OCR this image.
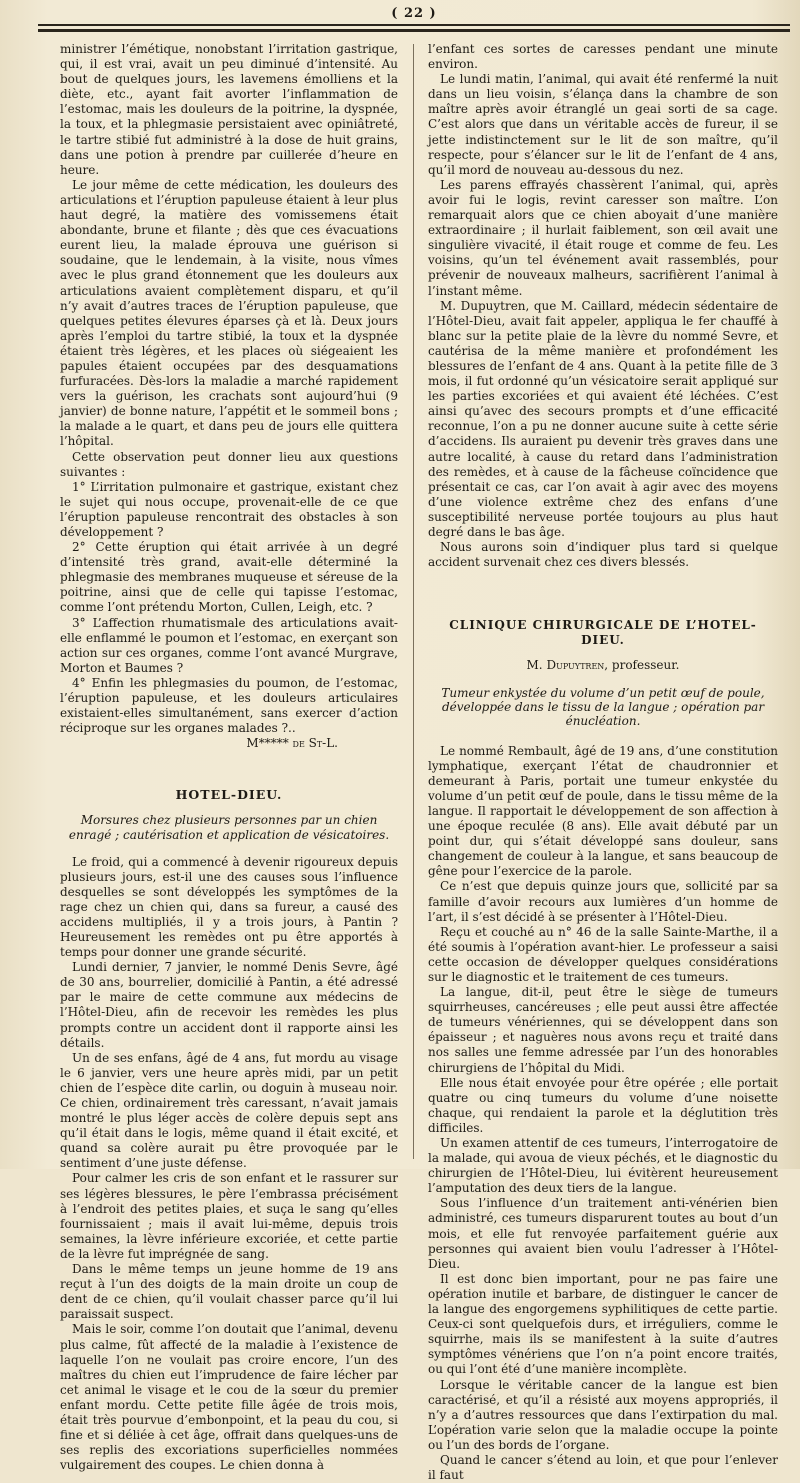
( 22 )

ministrer l’émétique, nonobstant l’irritation gastrique, qui, il est vrai, avait un peu diminué d’intensité. Au bout de quelques jours, les lavemens émolliens et la diète, etc., ayant fait avorter l’inflammation de l’estomac, mais les douleurs de la poitrine, la dyspnée, la toux, et la phlegmasie persistaient avec opiniâtreté, le tartre stibié fut administré à la dose de huit grains, dans une potion à prendre par cuillerée d’heure en heure.

Le jour même de cette médication, les douleurs des articulations et l’éruption papuleuse étaient à leur plus haut degré, la matière des vomissemens était abondante, brune et filante ; dès que ces évacuations eurent lieu, la malade éprouva une guérison si soudaine, que le lendemain, à la visite, nous vîmes avec le plus grand étonnement que les douleurs aux articulations avaient complètement disparu, et qu’il n’y avait d’autres traces de l’éruption papuleuse, que quelques petites élevures éparses çà et là. Deux jours après l’emploi du tartre stibié, la toux et la dyspnée étaient très légères, et les places où siégeaient les papules étaient occupées par des desquamations furfuracées. Dès-lors la maladie a marché rapidement vers la guérison, les crachats sont aujourd’hui (9 janvier) de bonne nature, l’appétit et le sommeil bons ; la malade a le quart, et dans peu de jours elle quittera l’hôpital.

Cette observation peut donner lieu aux questions suivantes :

1° L’irritation pulmonaire et gastrique, existant chez le sujet qui nous occupe, provenait-elle de ce que l’éruption papuleuse rencontrait des obstacles à son développement ?

2° Cette éruption qui était arrivée à un degré d’intensité très grand, avait-elle déterminé la phlegmasie des membranes muqueuse et séreuse de la poitrine, ainsi que de celle qui tapisse l’estomac, comme l’ont prétendu Morton, Cullen, Leigh, etc. ?

3° L’affection rhumatismale des articulations avait-elle enflammé le poumon et l’estomac, en exerçant son action sur ces organes, comme l’ont avancé Murgrave, Morton et Baumes ?

4° Enfin les phlegmasies du poumon, de l’estomac, l’éruption papuleuse, et les douleurs articulaires existaient-elles simultanément, sans exercer d’action réciproque sur les organes malades ?..

M***** de St-L.

HOTEL-DIEU.
Morsures chez plusieurs personnes par un chien enragé ; cautérisation et application de vésicatoires.

Le froid, qui a commencé à devenir rigoureux depuis plusieurs jours, est-il une des causes sous l’influence desquelles se sont développés les symptômes de la rage chez un chien qui, dans sa fureur, a causé des accidens multipliés, il y a trois jours, à Pantin ? Heureusement les remèdes ont pu être apportés à temps pour donner une grande sécurité.

Lundi dernier, 7 janvier, le nommé Denis Sevre, âgé de 30 ans, bourrelier, domicilié à Pantin, a été adressé par le maire de cette commune aux médecins de l’Hôtel-Dieu, afin de recevoir les remèdes les plus prompts contre un accident dont il rapporte ainsi les détails.

Un de ses enfans, âgé de 4 ans, fut mordu au visage le 6 janvier, vers une heure après midi, par un petit chien de l’espèce dite carlin, ou doguin à museau noir. Ce chien, ordinairement très caressant, n’avait jamais montré le plus léger accès de colère depuis sept ans qu’il était dans le logis, même quand il était excité, et quand sa colère aurait pu être provoquée par le sentiment d’une juste défense.

Pour calmer les cris de son enfant et le rassurer sur ses légères blessures, le père l’embrassa précisément à l’endroit des petites plaies, et suça le sang qu’elles fournissaient ; mais il avait lui-même, depuis trois semaines, la lèvre inférieure excoriée, et cette partie de la lèvre fut imprégnée de sang.

Dans le même temps un jeune homme de 19 ans reçut à l’un des doigts de la main droite un coup de dent de ce chien, qu’il voulait chasser parce qu’il lui paraissait suspect.

Mais le soir, comme l’on doutait que l’animal, devenu plus calme, fût affecté de la maladie à l’existence de laquelle l’on ne voulait pas croire encore, l’un des maîtres du chien eut l’imprudence de faire lécher par cet animal le visage et le cou de la sœur du premier enfant mordu. Cette petite fille âgée de trois mois, était très pourvue d’embonpoint, et la peau du cou, si fine et si déliée à cet âge, offrait dans quelques-uns de ses replis des excoriations superficielles nommées vulgairement des coupes. Le chien donna à

l’enfant ces sortes de caresses pendant une minute environ.

Le lundi matin, l’animal, qui avait été renfermé la nuit dans un lieu voisin, s’élança dans la chambre de son maître après avoir étranglé un geai sorti de sa cage. C’est alors que dans un véritable accès de fureur, il se jette indistinctement sur le lit de son maître, qu’il respecte, pour s’élancer sur le lit de l’enfant de 4 ans, qu’il mord de nouveau au-dessous du nez.

Les parens effrayés chassèrent l’animal, qui, après avoir fui le logis, revint caresser son maître. L’on remarquait alors que ce chien aboyait d’une manière extraordinaire ; il hurlait faiblement, son œil avait une singulière vivacité, il était rouge et comme de feu. Les voisins, qu’un tel événement avait rassemblés, pour prévenir de nouveaux malheurs, sacrifièrent l’animal à l’instant même.

M. Dupuytren, que M. Caillard, médecin sédentaire de l’Hôtel-Dieu, avait fait appeler, appliqua le fer chauffé à blanc sur la petite plaie de la lèvre du nommé Sevre, et cautérisa de la même manière et profondément les blessures de l’enfant de 4 ans. Quant à la petite fille de 3 mois, il fut ordonné qu’un vésicatoire serait appliqué sur les parties excoriées et qui avaient été léchées. C’est ainsi qu’avec des secours prompts et d’une efficacité reconnue, l’on a pu ne donner aucune suite à cette série d’accidens. Ils auraient pu devenir très graves dans une autre localité, à cause du retard dans l’administration des remèdes, et à cause de la fâcheuse coïncidence que présentait ce cas, car l’on avait à agir avec des moyens d’une violence extrême chez des enfans d’une susceptibilité nerveuse portée toujours au plus haut degré dans le bas âge.

Nous aurons soin d’indiquer plus tard si quelque accident survenait chez ces divers blessés.

CLINIQUE CHIRURGICALE DE L’HOTEL-DIEU.
M. Dupuytren, professeur.
Tumeur enkystée du volume d’un petit œuf de poule, développée dans le tissu de la langue ; opération par énucléation.

Le nommé Rembault, âgé de 19 ans, d’une constitution lymphatique, exerçant l’état de chaudronnier et demeurant à Paris, portait une tumeur enkystée du volume d’un petit œuf de poule, dans le tissu même de la langue. Il rapportait le développement de son affection à une époque reculée (8 ans). Elle avait débuté par un point dur, qui s’était développé sans douleur, sans changement de couleur à la langue, et sans beaucoup de gêne pour l’exercice de la parole.

Ce n’est que depuis quinze jours que, sollicité par sa famille d’avoir recours aux lumières d’un homme de l’art, il s’est décidé à se présenter à l’Hôtel-Dieu.

Reçu et couché au n° 46 de la salle Sainte-Marthe, il a été soumis à l’opération avant-hier. Le professeur a saisi cette occasion de développer quelques considérations sur le diagnostic et le traitement de ces tumeurs.

La langue, dit-il, peut être le siège de tumeurs squirrheuses, cancéreuses ; elle peut aussi être affectée de tumeurs vénériennes, qui se développent dans son épaisseur ; et naguères nous avons reçu et traité dans nos salles une femme adressée par l’un des honorables chirurgiens de l’hôpital du Midi.

Elle nous était envoyée pour être opérée ; elle portait quatre ou cinq tumeurs du volume d’une noisette chaque, qui rendaient la parole et la déglutition très difficiles.

Un examen attentif de ces tumeurs, l’interrogatoire de la malade, qui avoua de vieux péchés, et le diagnostic du chirurgien de l’Hôtel-Dieu, lui évitèrent heureusement l’amputation des deux tiers de la langue.

Sous l’influence d’un traitement anti-vénérien bien administré, ces tumeurs disparurent toutes au bout d’un mois, et elle fut renvoyée parfaitement guérie aux personnes qui avaient bien voulu l’adresser à l’Hôtel-Dieu.

Il est donc bien important, pour ne pas faire une opération inutile et barbare, de distinguer le cancer de la langue des engorgemens syphilitiques de cette partie. Ceux-ci sont quelquefois durs, et irréguliers, comme le squirrhe, mais ils se manifestent à la suite d’autres symptômes vénériens que l’on n’a point encore traités, ou qui l’ont été d’une manière incomplète.

Lorsque le véritable cancer de la langue est bien caractérisé, et qu’il a résisté aux moyens appropriés, il n’y a d’autres ressources que dans l’extirpation du mal. L’opération varie selon que la maladie occupe la pointe ou l’un des bords de l’organe.

Quand le cancer s’étend au loin, et que pour l’enlever il faut
